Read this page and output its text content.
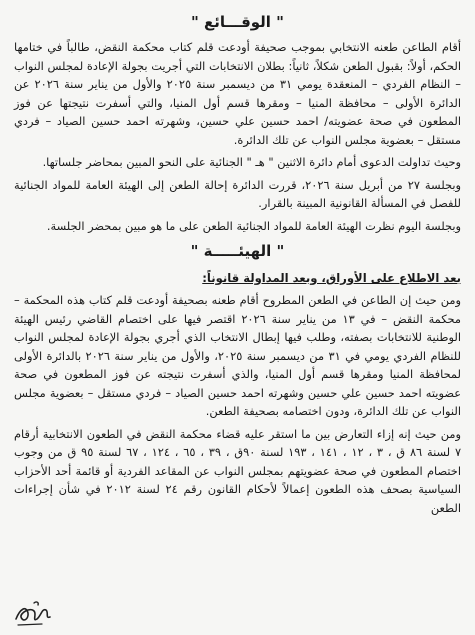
" الوقـــائع "

أقام الطاعن طعنه الانتخابي بموجب صحيفة أودعت قلم كتاب محكمة النقض، طالباً في ختامها الحكم، أولاً: بقبول الطعن شكلاً، ثانياً: بطلان الانتخابات التي أجريت بجولة الإعادة لمجلس النواب – النظام الفردي – المنعقدة يومي ٣١ من ديسمبر سنة ٢٠٢٥ والأول من يناير سنة ٢٠٢٦ عن الدائرة الأولى – محافظة المنيا – ومقرها قسم أول المنيا، والتي أسفرت نتيجتها عن فوز المطعون في صحة عضويته/ احمد حسين علي حسين، وشهرته احمد حسين الصياد – فردي مستقل – بعضوية مجلس النواب عن تلك الدائرة.

وحيث تداولت الدعوى أمام دائرة الاثنين " هـ " الجنائية على النحو المبين بمحاضر جلساتها.

وبجلسة ٢٧ من أبريل سنة ٢٠٢٦، قررت الدائرة إحالة الطعن إلى الهيئة العامة للمواد الجنائية للفصل في المسألة القانونية المبينة بالقرار.

وبجلسة اليوم نظرت الهيئة العامة للمواد الجنائية الطعن على ما هو مبين بمحضر الجلسة.

" الهيئـــــة "
بعد الاطلاع على الأوراق، وبعد المداولة قانوناً:

ومن حيث إن الطاعن في الطعن المطروح أقام طعنه بصحيفة أودعت قلم كتاب هذه المحكمة – محكمة النقض – في ١٣ من يناير سنة ٢٠٢٦ اقتصر فيها على اختصام القاضي رئيس الهيئة الوطنية للانتخابات بصفته، وطلب فيها إبطال الانتخاب الذي أجري بجولة الإعادة لمجلس النواب للنظام الفردي يومي في ٣١ من ديسمبر سنة ٢٠٢٥، والأول من يناير سنة ٢٠٢٦ بالدائرة الأولى لمحافظة المنيا ومقرها قسم أول المنيا، والذي أسفرت نتيجته عن فوز المطعون في صحة عضويته احمد حسين علي حسين وشهرته احمد حسين الصياد – فردي مستقل – بعضوية مجلس النواب عن تلك الدائرة، ودون اختصامه بصحيفة الطعن.

ومن حيث إنه إزاء التعارض بين ما استقر عليه قضاء محكمة النقض في الطعون الانتخابية أرقام ٧ لسنة ٨٦ ق ، ٣ ، ١٢ ، ١٤١ ، ١٩٣ لسنة ٩٠ق ، ٣٩ ، ٦٥ ، ١٢٤ ، ٦٧ لسنة ٩٥ ق من وجوب اختصام المطعون في صحة عضويتهم بمجلس النواب عن المقاعد الفردية أو قائمة أحد الأحزاب السياسية بصحف هذه الطعون إعمالاً لأحكام القانون رقم ٢٤ لسنة ٢٠١٢ في شأن إجراءات الطعن
